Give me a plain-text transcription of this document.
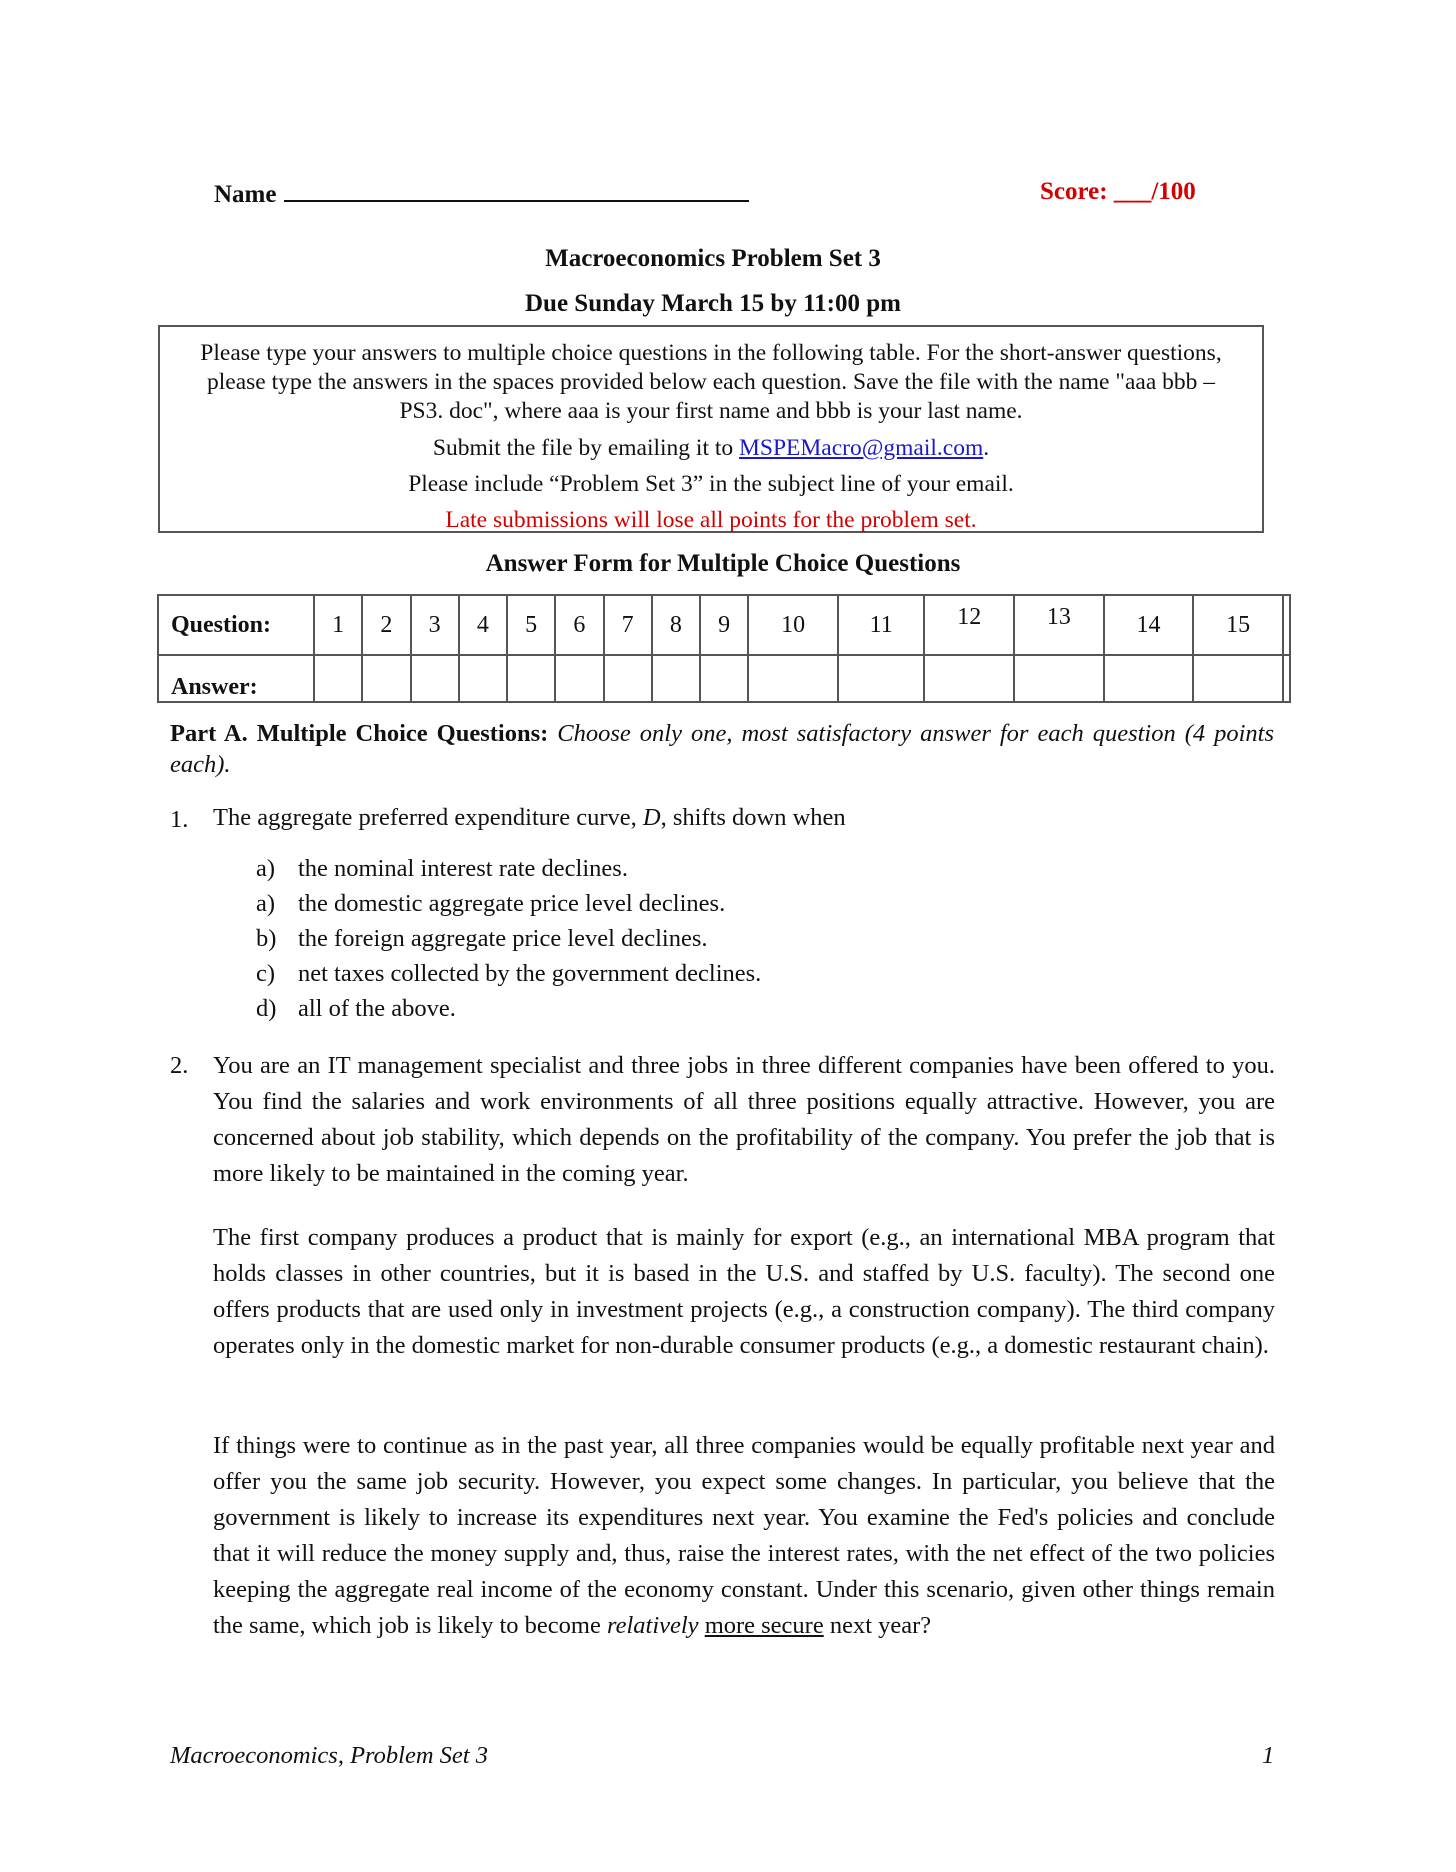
Name	Score: ___/100
Macroeconomics Problem Set 3
Due Sunday March 15 by 11:00 pm

Please type your answers to multiple choice questions in the following table. For the short-answer questions, please type the answers in the spaces provided below each question. Save the file with the name "aaa bbb – PS3. doc", where aaa is your first name and bbb is your last name.

Submit the file by emailing it to MSPEMacro@gmail.com.

Please include “Problem Set 3” in the subject line of your email.

Late submissions will lose all points for the problem set.

Answer Form for Multiple Choice Questions
Question:	1	2	3	4	5	6	7	8	9	10	11	12	13	14	15	
Answer:																
Part A. Multiple Choice Questions: Choose only one, most satisfactory answer for each question (4 points each).
1. The aggregate preferred expenditure curve, D, shifts down when
a) the nominal interest rate declines.
a) the domestic aggregate price level declines.
b) the foreign aggregate price level declines.
c) net taxes collected by the government declines.
d) all of the above.
2. You are an IT management specialist and three jobs in three different companies have been offered to you. You find the salaries and work environments of all three positions equally attractive. However, you are concerned about job stability, which depends on the profitability of the company. You prefer the job that is more likely to be maintained in the coming year.
The first company produces a product that is mainly for export (e.g., an international MBA program that holds classes in other countries, but it is based in the U.S. and staffed by U.S. faculty). The second one offers products that are used only in investment projects (e.g., a construction company). The third company operates only in the domestic market for non-durable consumer products (e.g., a domestic restaurant chain).
If things were to continue as in the past year, all three companies would be equally profitable next year and offer you the same job security. However, you expect some changes. In particular, you believe that the government is likely to increase its expenditures next year. You examine the Fed's policies and conclude that it will reduce the money supply and, thus, raise the interest rates, with the net effect of the two policies keeping the aggregate real income of the economy constant. Under this scenario, given other things remain the same, which job is likely to become relatively more secure next year?
Macroeconomics, Problem Set 3	1
